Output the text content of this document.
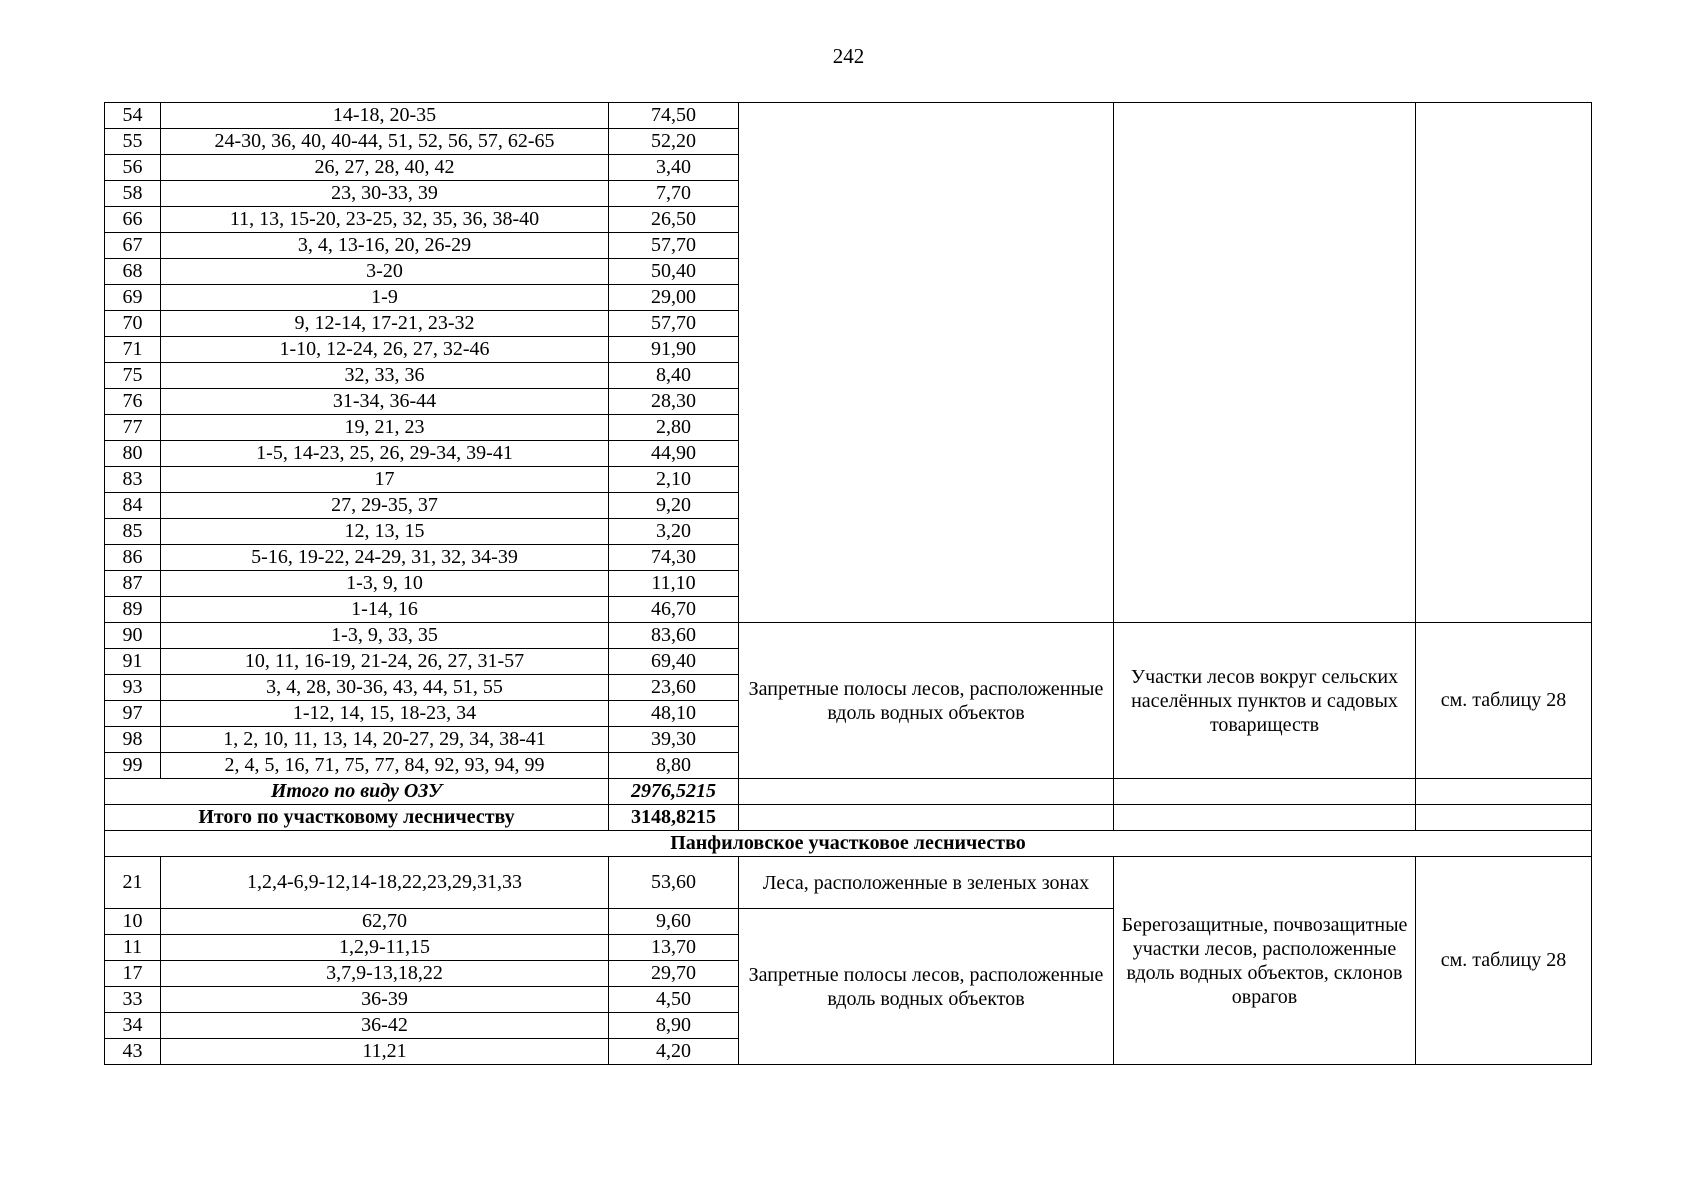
242
54	14-18, 20-35	74,50			
55	24-30, 36, 40, 40-44, 51, 52, 56, 57, 62-65	52,20			
56	26, 27, 28, 40, 42	3,40			
58	23, 30-33, 39	7,70			
66	11, 13, 15-20, 23-25, 32, 35, 36, 38-40	26,50			
67	3, 4, 13-16, 20, 26-29	57,70			
68	3-20	50,40			
69	1-9	29,00			
70	9, 12-14, 17-21, 23-32	57,70			
71	1-10, 12-24, 26, 27, 32-46	91,90			
75	32, 33, 36	8,40			
76	31-34, 36-44	28,30			
77	19, 21, 23	2,80			
80	1-5, 14-23, 25, 26, 29-34, 39-41	44,90			
83	17	2,10			
84	27, 29-35, 37	9,20			
85	12, 13, 15	3,20			
86	5-16, 19-22, 24-29, 31, 32, 34-39	74,30			
87	1-3, 9, 10	11,10			
89	1-14, 16	46,70			
90	1-3, 9, 33, 35	83,60	Запретные полосы лесов, расположенные вдоль водных объектов	Участки лесов вокруг сельских населённых пунктов и садовых товариществ	см. таблицу 28
91	10, 11, 16-19, 21-24, 26, 27, 31-57	69,40			
93	3, 4, 28, 30-36, 43, 44, 51, 55	23,60			
97	1-12, 14, 15, 18-23, 34	48,10			
98	1, 2, 10, 11, 13, 14, 20-27, 29, 34, 38-41	39,30			
99	2, 4, 5, 16, 71, 75, 77, 84, 92, 93, 94, 99	8,80			
Итого по виду ОЗУ		2976,5215			
Итого по участковому лесничеству		3148,8215			
Панфиловское участковое лесничество					
21	1,2,4-6,9-12,14-18,22,23,29,31,33	53,60	Леса, расположенные в зеленых зонах	Берегозащитные, почвозащитные участки лесов, расположенные вдоль водных объектов, склонов оврагов	см. таблицу 28
10	62,70	9,60	Запретные полосы лесов, расположенные вдоль водных объектов		
11	1,2,9-11,15	13,70			
17	3,7,9-13,18,22	29,70			
33	36-39	4,50			
34	36-42	8,90			
43	11,21	4,20			
